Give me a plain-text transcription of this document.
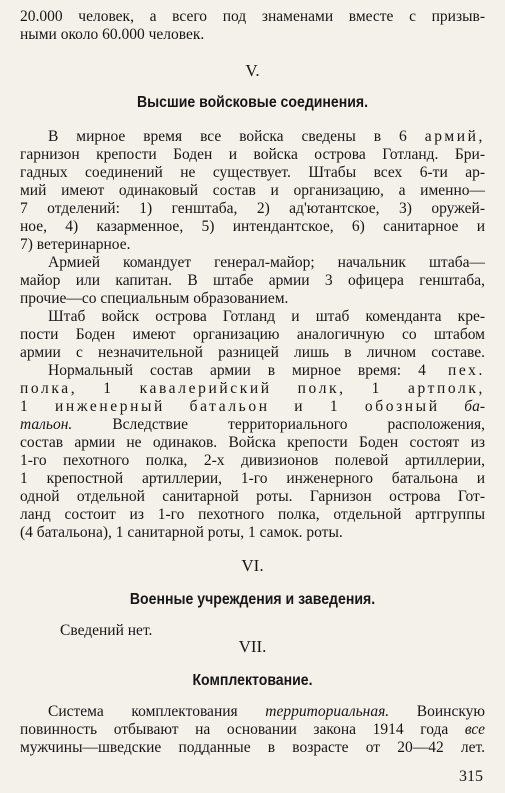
20.000 человек, а всего под знаменами вместе с призыв-
ными около 60.000 человек.
V.
Высшие войсковые соединения.
В мирное время все войска сведены в 6 армий,
гарнизон крепости Боден и войска острова Готланд. Бри-
гадных соединений не существует. Штабы всех 6-ти ар-
мий имеют одинаковый состав и организацию, а именно—
7 отделений: 1) генштаба, 2) ад'ютантское, 3) оружей-
ное, 4) казарменное, 5) интендантское, 6) санитарное и
7) ветеринарное.
Армией командует генерал-майор; начальник штаба—
майор или капитан. В штабе армии 3 офицера генштаба,
прочие—со специальным образованием.
Штаб войск острова Готланд и штаб коменданта кре-
пости Боден имеют организацию аналогичную со штабом
армии с незначительной разницей лишь в личном составе.
Нормальный состав армии в мирное время: 4 пех.
полка, 1 кавалерийский полк, 1 артполк,
1 инженерный батальон и 1 обозный ба-
тальон. Вследствие территориального расположения,
состав армии не одинаков. Войска крепости Боден состоят из
1-го пехотного полка, 2-х дивизионов полевой артиллерии,
1 крепостной артиллерии, 1-го инженерного батальона и
одной отдельной санитарной роты. Гарнизон острова Гот-
ланд состоит из 1-го пехотного полка, отдельной артгруппы
(4 батальона), 1 санитарной роты, 1 самок. роты.
VI.
Военные учреждения и заведения.
Сведений нет.
VII.
Комплектование.
Система комплектования территориальная. Воинскую
повинность отбывают на основании закона 1914 года все
мужчины—шведские подданные в возрасте от 20—42 лет.
315
